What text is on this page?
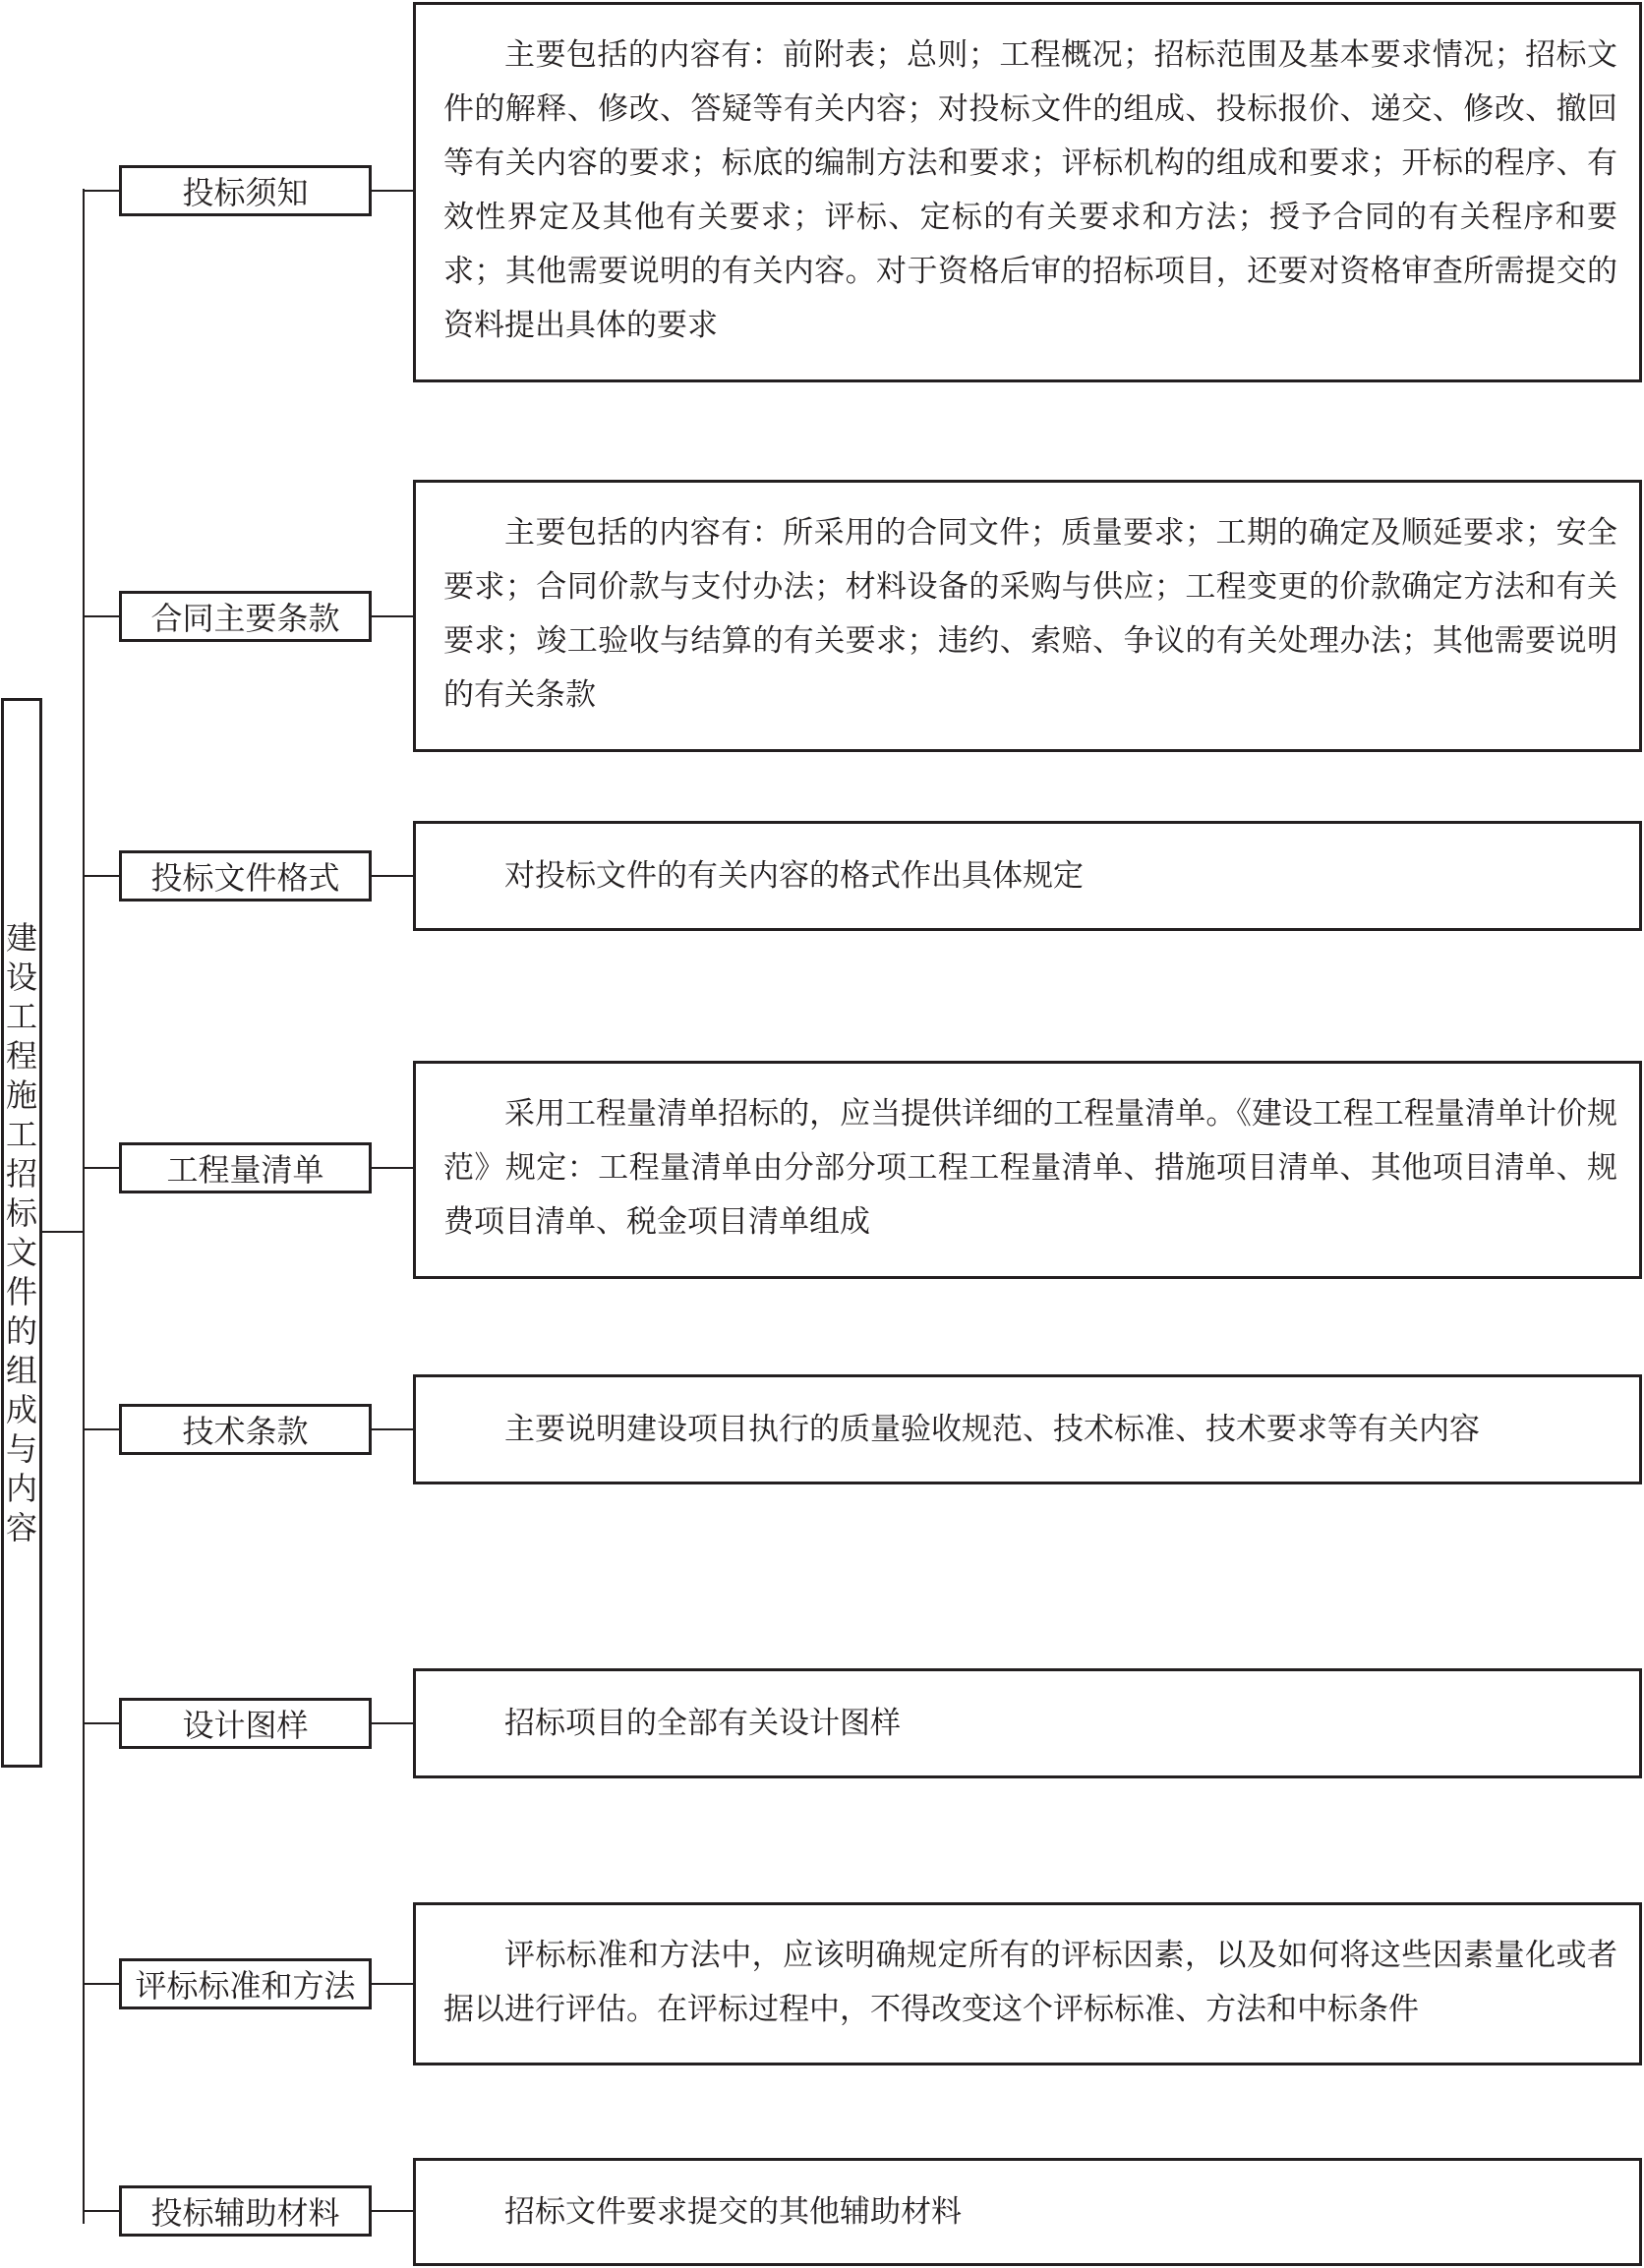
建
设
工
程
施
工
招
标
文
件
的
组
成
与
内
容
投标须知

主要包括的内容有：前附表；总则；工程概况；招标范围及基本要求情况；招标文件的解释、修改、答疑等有关内容；对投标文件的组成、投标报价、递交、修改、撤回等有关内容的要求；标底的编制方法和要求；评标机构的组成和要求；开标的程序、有效性界定及其他有关要求；评标、定标的有关要求和方法；授予合同的有关程序和要求；其他需要说明的有关内容。对于资格后审的招标项目，还要对资格审查所需提交的资料提出具体的要求

合同主要条款

主要包括的内容有：所采用的合同文件；质量要求；工期的确定及顺延要求；安全要求；合同价款与支付办法；材料设备的采购与供应；工程变更的价款确定方法和有关要求；竣工验收与结算的有关要求；违约、索赔、争议的有关处理办法；其他需要说明的有关条款

投标文件格式	对投标文件的有关内容的格式作出具体规定

工程量清单

采用工程量清单招标的，应当提供详细的工程量清单。《建设工程工程量清单计价规范》规定：工程量清单由分部分项工程工程量清单、措施项目清单、其他项目清单、规费项目清单、税金项目清单组成

技术条款	主要说明建设项目执行的质量验收规范、技术标准、技术要求等有关内容

设计图样	招标项目的全部有关设计图样

评标标准和方法

评标标准和方法中，应该明确规定所有的评标因素，以及如何将这些因素量化或者据以进行评估。在评标过程中，不得改变这个评标标准、方法和中标条件

投标辅助材料	招标文件要求提交的其他辅助材料
